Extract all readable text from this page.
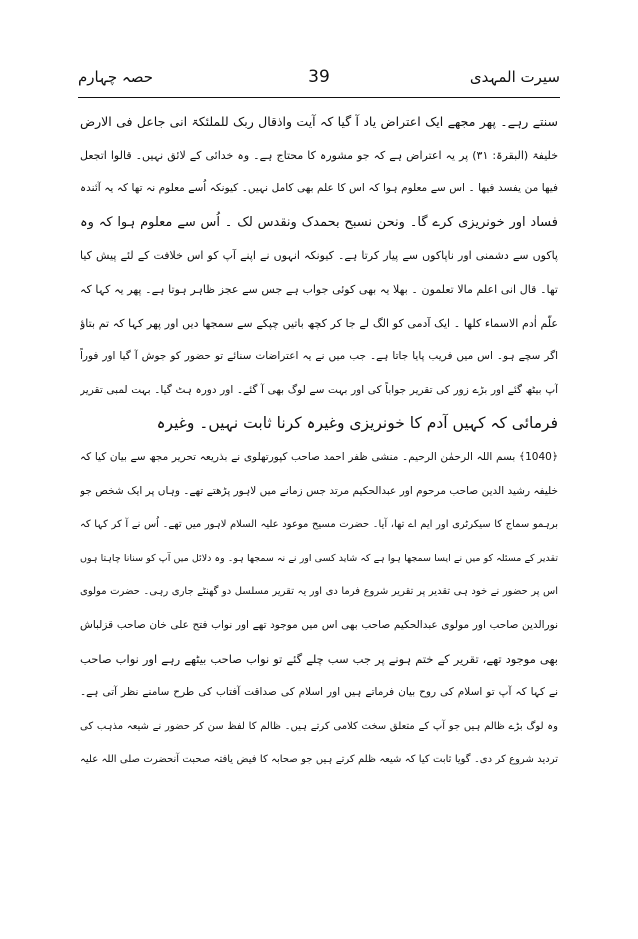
حصہ چہارم	39	سیرت المہدی
سنتے رہے۔ پھر مجھے ایک اعتراض یاد آ گیا کہ آیت واذقال ربک للملئکۃ انی جاعل فی الارض
خلیفۃ (البقرۃ: ۳۱) پر یہ اعتراض ہے کہ جو مشورہ کا محتاج ہے۔ وہ خدائی کے لائق نہیں۔ قالوا اتجعل
فیھا من یفسد فیھا ۔ اس سے معلوم ہوا کہ اس کا علم بھی کامل نہیں۔ کیونکہ اُسے معلوم نہ تھا کہ یہ آئندہ
فساد اور خونریزی کرے گا۔ ونحن نسبح بحمدک ونقدس لک ۔ اُس سے معلوم ہوا کہ وہ
پاکوں سے دشمنی اور ناپاکوں سے پیار کرتا ہے۔ کیونکہ انہوں نے اپنے آپ کو اس خلافت کے لئے پیش کیا
تھا۔ قال انی اعلم مالا تعلمون ۔ بھلا یہ بھی کوئی جواب ہے جس سے عجز ظاہر ہوتا ہے۔ پھر یہ کہا کہ
علّم اٰدم الاسماء کلھا ۔ ایک آدمی کو الگ لے جا کر کچھ باتیں چپکے سے سمجھا دیں اور پھر کہا کہ تم بتاؤ
اگر سچے ہو۔ اس میں فریب پایا جاتا ہے۔ جب میں نے یہ اعتراضات سنائے تو حضور کو جوش آ گیا اور فوراً
آپ بیٹھ گئے اور بڑے زور کی تقریر جواباً کی اور بہت سے لوگ بھی آ گئے۔ اور دورہ ہٹ گیا۔ بہت لمبی تقریر
فرمائی کہ کہیں آدم کا خونریزی وغیرہ کرنا ثابت نہیں۔ وغیرہ
﴿1040﴾ بسم اللہ الرحمٰن الرحیم۔ منشی ظفر احمد صاحب کپورتھلوی نے بذریعہ تحریر مجھ سے بیان کیا کہ
خلیفہ رشید الدین صاحب مرحوم اور عبدالحکیم مرتد جس زمانے میں لاہور پڑھتے تھے۔ وہاں پر ایک شخص جو
برہمو سماج کا سیکرٹری اور ایم اے تھا، آیا۔ حضرت مسیح موعود علیہ السلام لاہور میں تھے۔ اُس نے آ کر کہا کہ
تقدیر کے مسئلہ کو میں نے ایسا سمجھا ہوا ہے کہ شاید کسی اور نے نہ سمجھا ہو۔ وہ دلائل میں آپ کو سنانا چاہتا ہوں
اس پر حضور نے خود ہی تقدیر پر تقریر شروع فرما دی اور یہ تقریر مسلسل دو گھنٹے جاری رہی۔ حضرت مولوی
نورالدین صاحب اور مولوی عبدالحکیم صاحب بھی اس میں موجود تھے اور نواب فتح علی خان صاحب قزلباش
بھی موجود تھے، تقریر کے ختم ہونے پر جب سب چلے گئے تو نواب صاحب بیٹھے رہے اور نواب صاحب
نے کہا کہ آپ تو اسلام کی روح بیان فرماتے ہیں اور اسلام کی صداقت آفتاب کی طرح سامنے نظر آتی ہے۔
وہ لوگ بڑے ظالم ہیں جو آپ کے متعلق سخت کلامی کرتے ہیں۔ ظالم کا لفظ سن کر حضور نے شیعہ مذہب کی
تردید شروع کر دی۔ گویا ثابت کیا کہ شیعہ ظلم کرتے ہیں جو صحابہ کا فیض یافتہ صحبت آنحضرت صلی اللہ علیہ
